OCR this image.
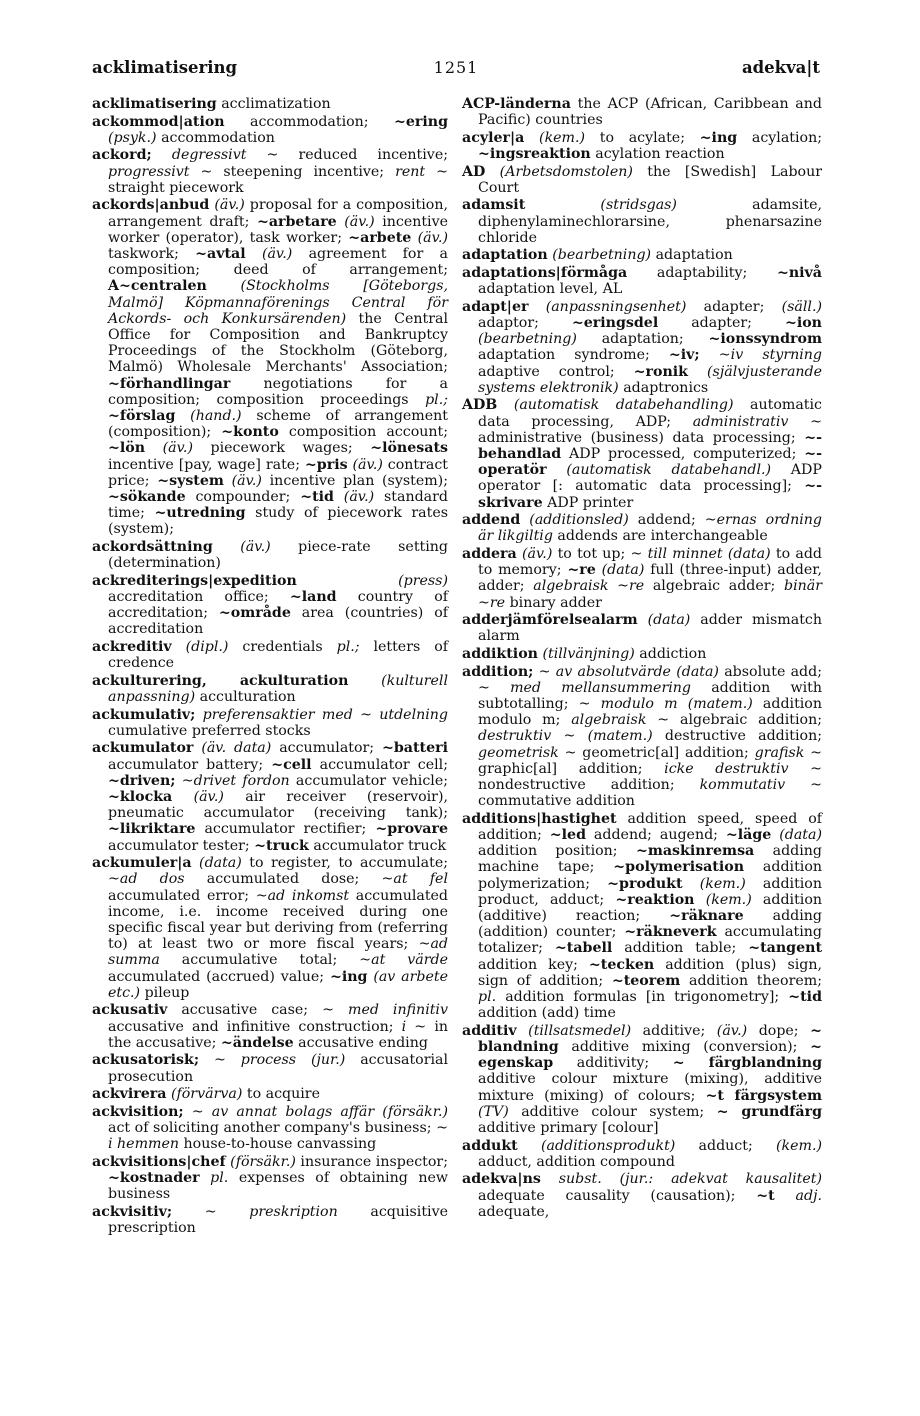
acklimatisering	1251	adekva|t

acklimatisering acclimatization

ackommod|ation accommodation; ~ering (psyk.) accommodation

ackord; degressivt ~ reduced incentive; progressivt ~ steepening incentive; rent ~ straight piecework

ackords|anbud (äv.) proposal for a composition, arrangement draft; ~arbetare (äv.) incentive worker (operator), task worker; ~arbete (äv.) taskwork; ~avtal (äv.) agreement for a composition; deed of arrangement; A~centralen (Stockholms [Göteborgs, Malmö] Köpmannaförenings Central för Ackords- och Konkursärenden) the Central Office for Composition and Bankruptcy Proceedings of the Stockholm (Göteborg, Malmö) Wholesale Merchants' Association; ~förhandlingar negotiations for a composition; composition proceedings pl.; ~förslag (hand.) scheme of arrangement (composition); ~konto composition account; ~lön (äv.) piecework wages; ~lönesats incentive [pay, wage] rate; ~pris (äv.) contract price; ~system (äv.) incentive plan (system); ~sökande compounder; ~tid (äv.) standard time; ~utredning study of piecework rates (system);

ackordsättning (äv.) piece-rate setting (determination)

ackrediterings|expedition	(press) accreditation office; ~land country of accreditation; ~område area (countries) of accreditation

ackreditiv (dipl.) credentials pl.; letters of credence

ackulturering, ackulturation (kulturell anpassning) acculturation

ackumulativ; preferensaktier med ~ utdelning cumulative preferred stocks

ackumulator (äv. data) accumulator; ~batteri accumulator battery; ~cell accumulator cell; ~driven; ~drivet fordon accumulator vehicle; ~klocka (äv.) air receiver (reservoir), pneumatic accumulator (receiving tank); ~likriktare accumulator rectifier; ~provare accumulator tester; ~truck accumulator truck

ackumuler|a (data) to register, to accumulate; ~ad dos accumulated dose; ~at fel accumulated error; ~ad inkomst accumulated income, i.e. income received during one specific fiscal year but deriving from (referring to) at least two or more fiscal years; ~ad summa accumulative total; ~at värde accumulated (accrued) value; ~ing (av arbete etc.) pileup

ackusativ accusative case; ~ med infinitiv accusative and infinitive construction; i ~ in the accusative; ~ändelse accusative ending

ackusatorisk; ~ process (jur.) accusatorial prosecution

ackvirera (förvärva) to acquire

ackvisition; ~ av annat bolags affär (försäkr.) act of soliciting another company's business; ~ i hemmen house-to-house canvassing

ackvisitions|chef (försäkr.) insurance inspector; ~kostnader pl. expenses of obtaining new business

ackvisitiv; ~ preskription acquisitive prescription

ACP-länderna the ACP (African, Caribbean and Pacific) countries

acyler|a (kem.) to acylate; ~ing acylation; ~ingsreaktion acylation reaction

AD (Arbetsdomstolen) the [Swedish] Labour Court

adamsit	(stridsgas) adamsite, diphenylaminechlorarsine, phenarsazine chloride

adaptation (bearbetning) adaptation

adaptations|förmåga adaptability; ~nivå adaptation level, AL

adapt|er (anpassningsenhet) adapter; (säll.) adaptor; ~eringsdel adapter; ~ion (bearbetning) adaptation; ~ionssyndrom adaptation syndrome; ~iv; ~iv styrning adaptive control; ~ronik (självjusterande systems elektronik) adaptronics

ADB (automatisk databehandling) automatic data processing, ADP; administrativ ~ administrative (business) data processing; ~-behandlad ADP processed, computerized; ~-operatör (automatisk databehandl.) ADP operator [: automatic data processing]; ~-skrivare ADP printer

addend (additionsled) addend; ~ernas ordning är likgiltig addends are interchangeable

addera (äv.) to tot up; ~ till minnet (data) to add to memory; ~re (data) full (three-input) adder, adder; algebraisk ~re algebraic adder; binär ~re binary adder

adderjämförelsealarm (data) adder mismatch alarm

addiktion (tillvänjning) addiction

addition; ~ av absolutvärde (data) absolute add; ~ med mellansummering addition with subtotalling; ~ modulo m (matem.) addition modulo m; algebraisk ~ algebraic addition; destruktiv ~ (matem.) destructive addition; geometrisk ~ geometric[al] addition; grafisk ~ graphic[al] addition; icke destruktiv ~ nondestructive addition; kommutativ ~ commutative addition

additions|hastighet addition speed, speed of addition; ~led addend; augend; ~läge (data) addition position; ~maskinremsa adding machine tape; ~polymerisation addition polymerization; ~produkt (kem.) addition product, adduct; ~reaktion (kem.) addition (additive) reaction; ~räknare adding (addition) counter; ~räkneverk accumulating totalizer; ~tabell addition table; ~tangent addition key; ~tecken addition (plus) sign, sign of addition; ~teorem addition theorem; pl. addition formulas [in trigonometry]; ~tid addition (add) time

additiv (tillsatsmedel) additive; (äv.) dope; ~ blandning additive mixing (conversion); ~ egenskap additivity; ~ färgblandning additive colour mixture (mixing), additive mixture (mixing) of colours; ~t färgsystem (TV) additive colour system; ~ grundfärg additive primary [colour]

addukt (additionsprodukt) adduct; (kem.) adduct, addition compound

adekva|ns subst. (jur.: adekvat kausalitet) adequate causality (causation); ~t adj. adequate,
